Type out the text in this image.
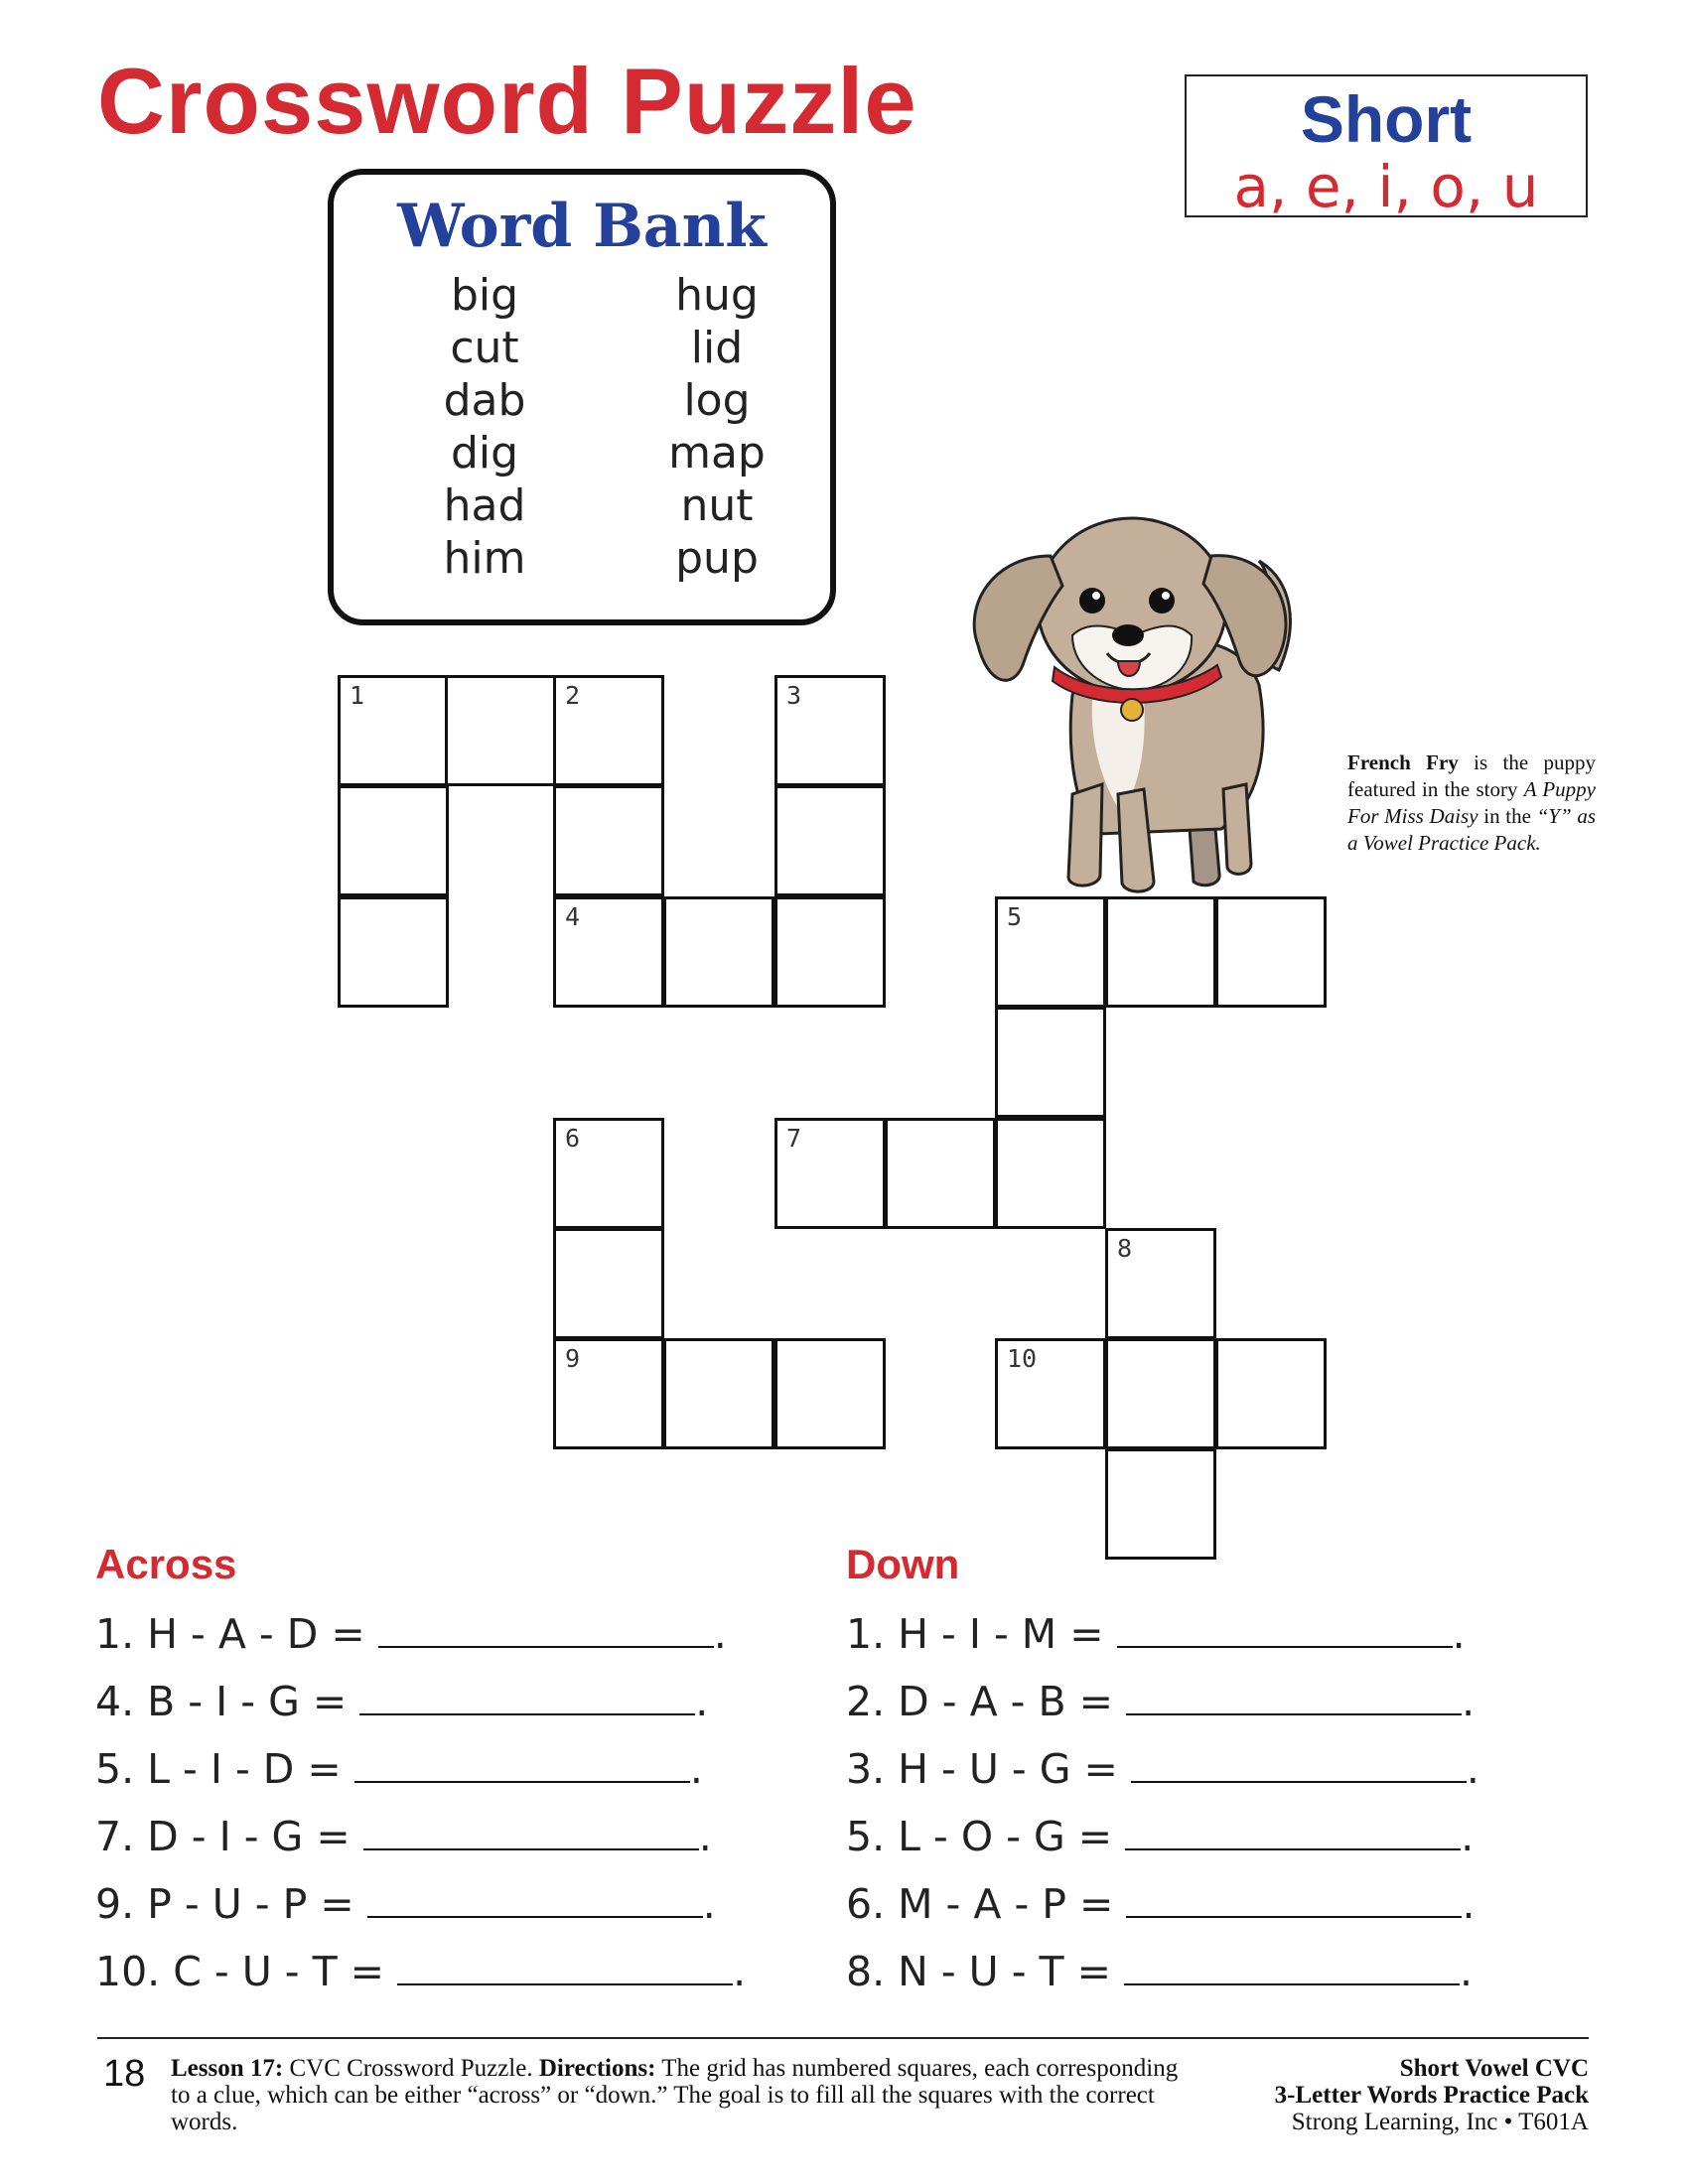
Crossword Puzzle	Short
a, e, i, o, u
Word Bank
big
cut
dab
dig
had
him
hug
lid
log
map
nut
pup
1	2	3
4	5
6	7
8
9	10
French Fry is the puppy featured in the story A Puppy For Miss Daisy in the “Y” as a Vowel Practice Pack.
Across
1. H - A - D =	.
4. B - I - G =	.
5. L - I - D =	.
7. D - I - G =	.
9. P - U - P =	.
10. C - U - T =	.
Down
1. H - I - M =	.
2. D - A - B =	.
3. H - U - G =	.
5. L - O - G =	.
6. M - A - P =	.
8. N - U - T =	.
18 Lesson 17: CVC Crossword Puzzle. Directions: The grid has numbered squares, each corresponding to a clue, which can be either “across” or “down.” The goal is to fill all the squares with the correct words.
Short Vowel CVC
3-Letter Words Practice Pack
Strong Learning, Inc • T601A
